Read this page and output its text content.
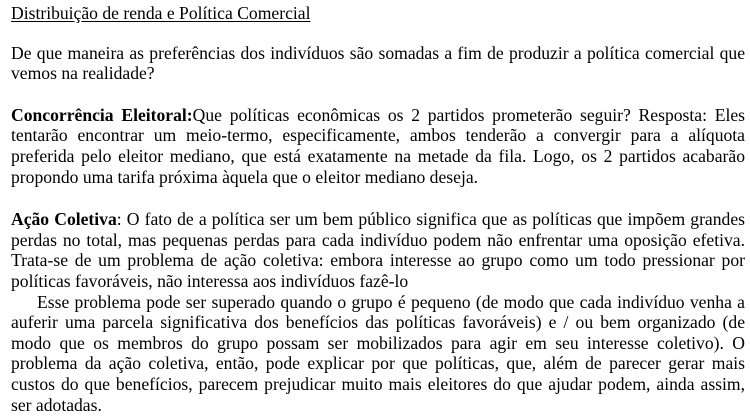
Distribuição de renda e Política Comercial

De que maneira as preferências dos indivíduos são somadas a fim de produzir a política comercial que vemos na realidade?

Concorrência Eleitoral:Que políticas econômicas os 2 partidos prometerão seguir? Resposta: Eles tentarão encontrar um meio-termo, especificamente, ambos tenderão a convergir para a alíquota preferida pelo eleitor mediano, que está exatamente na metade da fila. Logo, os 2 partidos acabarão propondo uma tarifa próxima àquela que o eleitor mediano deseja.

Ação Coletiva: O fato de a política ser um bem público significa que as políticas que impõem grandes perdas no total, mas pequenas perdas para cada indivíduo podem não enfrentar uma oposição efetiva. Trata-se de um problema de ação coletiva: embora interesse ao grupo como um todo pressionar por políticas favoráveis, não interessa aos indivíduos fazê-lo

Esse problema pode ser superado quando o grupo é pequeno (de modo que cada indivíduo venha a auferir uma parcela significativa dos benefícios das políticas favoráveis) e / ou bem organizado (de modo que os membros do grupo possam ser mobilizados para agir em seu interesse coletivo). O problema da ação coletiva, então, pode explicar por que políticas, que, além de parecer gerar mais custos do que benefícios, parecem prejudicar muito mais eleitores do que ajudar podem, ainda assim, ser adotadas.
